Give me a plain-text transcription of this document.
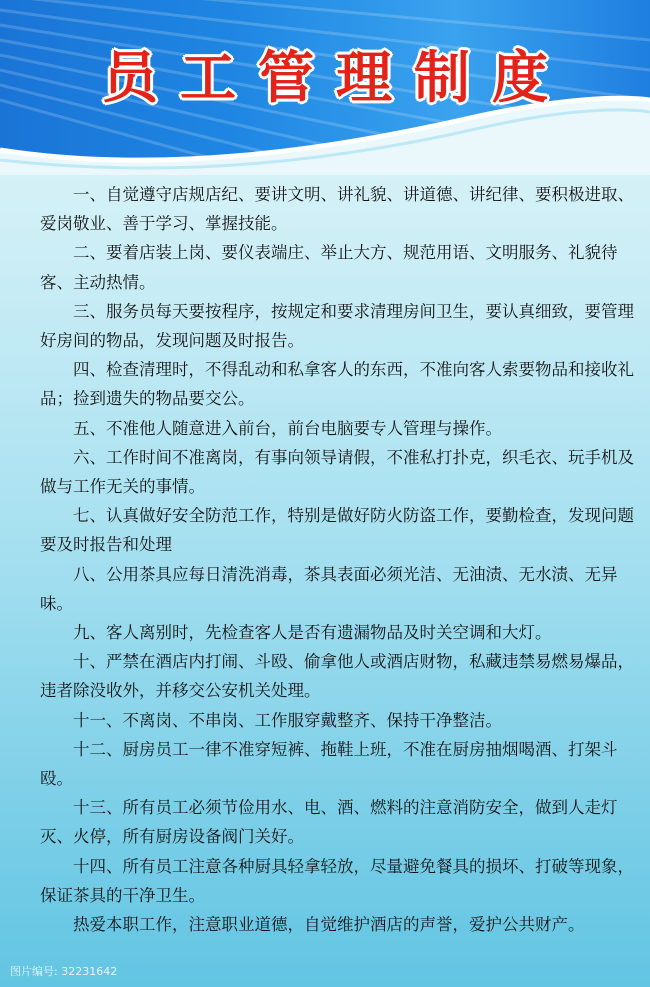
员工管理制度

一、自觉遵守店规店纪、要讲文明、讲礼貌、讲道德、讲纪律、要积极进取、爱岗敬业、善于学习、掌握技能。

二、要着店装上岗、要仪表端庄、举止大方、规范用语、文明服务、礼貌待客、主动热情。

三、服务员每天要按程序，按规定和要求清理房间卫生，要认真细致，要管理好房间的物品，发现问题及时报告。

四、检查清理时，不得乱动和私拿客人的东西，不准向客人索要物品和接收礼品；捡到遗失的物品要交公。

五、不准他人随意进入前台，前台电脑要专人管理与操作。

六、工作时间不准离岗，有事向领导请假，不准私打扑克，织毛衣、玩手机及做与工作无关的事情。

七、认真做好安全防范工作，特别是做好防火防盗工作，要勤检查，发现问题要及时报告和处理

八、公用茶具应每日清洗消毒，茶具表面必须光洁、无油渍、无水渍、无异味。

九、客人离别时，先检查客人是否有遗漏物品及时关空调和大灯。

十、严禁在酒店内打闹、斗殴、偷拿他人或酒店财物，私藏违禁易燃易爆品，违者除没收外，并移交公安机关处理。

十一、不离岗、不串岗、工作服穿戴整齐、保持干净整洁。

十二、厨房员工一律不准穿短裤、拖鞋上班，不准在厨房抽烟喝酒、打架斗殴。

十三、所有员工必须节俭用水、电、酒、燃料的注意消防安全，做到人走灯灭、火停，所有厨房设备阀门关好。

十四、所有员工注意各种厨具轻拿轻放，尽量避免餐具的损坏、打破等现象，保证茶具的干净卫生。

热爱本职工作，注意职业道德，自觉维护酒店的声誉，爱护公共财产。

图片编号: 32231642
